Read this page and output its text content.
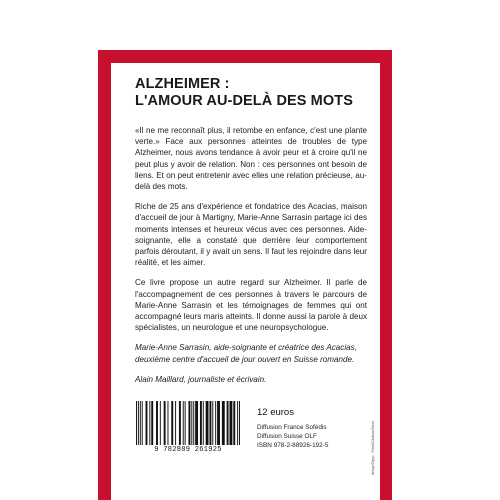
ALZHEIMER :
L'AMOUR AU-DELÀ DES MOTS

«Il ne me reconnaît plus, il retombe en enfance, c'est une plante verte.» Face aux personnes atteintes de troubles de type Alzheimer, nous avons tendance à avoir peur et à croire qu'il ne peut plus y avoir de relation. Non : ces personnes ont besoin de liens. Et on peut entretenir avec elles une relation précieuse, au-delà des mots.

Riche de 25 ans d'expérience et fondatrice des Acacias, maison d'accueil de jour à Martigny, Marie-Anne Sarrasin partage ici des moments intenses et heureux vécus avec ces personnes. Aide-soignante, elle a constaté que derrière leur comportement parfois déroutant, il y avait un sens. Il faut les rejoindre dans leur réalité, et les aimer.

Ce livre propose un autre regard sur Alzheimer. Il parle de l'accompagnement de ces personnes à travers le parcours de Marie-Anne Sarrasin et les témoignages de femmes qui ont accompagné leurs maris atteints. Il donne aussi la parole à deux spécialistes, un neurologue et une neuropsychologue.

Marie-Anne Sarrasin, aide-soignante et créatrice des Acacias, deuxième centre d'accueil de jour ouvert en Suisse romande.

Alain Maillard, journaliste et écrivain.

9 782889 261925
12 euros
Diffusion France Sofédis
Diffusion Suisse OLF
ISBN 978-2-88926-192-5	design©typo · Photo©Adobe/Stock
